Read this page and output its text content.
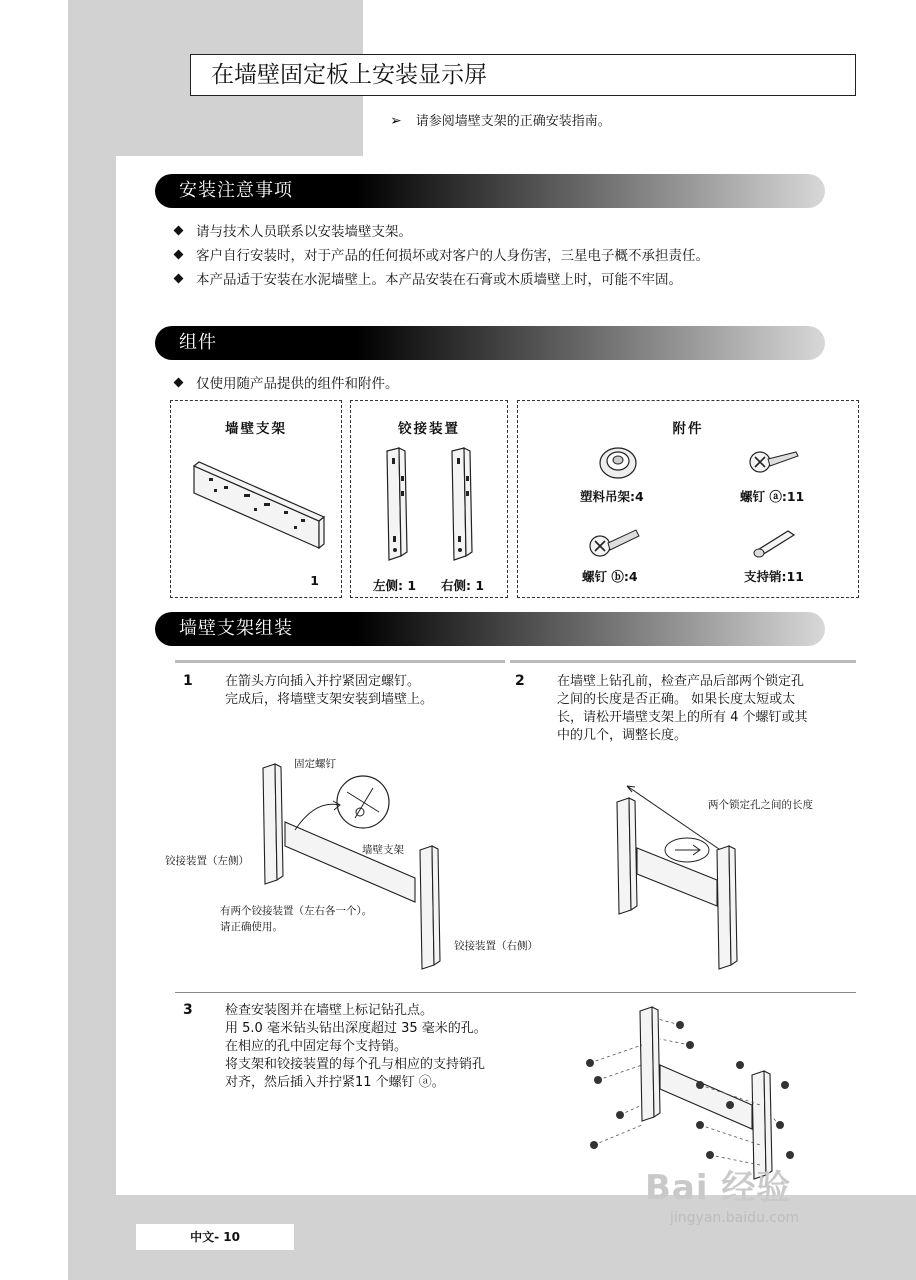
在墙壁固定板上安装显示屏
➢ 请参阅墙壁支架的正确安装指南。
安装注意事项
请与技术人员联系以安装墙壁支架。
客户自行安装时，对于产品的任何损坏或对客户的人身伤害，三星电子概不承担责任。
本产品适于安装在水泥墙壁上。本产品安装在石膏或木质墙壁上时，可能不牢固。
组件
仅使用随产品提供的组件和附件。
墙壁支架
1
铰接装置
左侧: 1 右侧: 1
附件
塑料吊架:4	螺钉 ⓐ:11
螺钉 ⓑ:4	支持销:11
墙壁支架组装
1 在箭头方向插入并拧紧固定螺钉。
完成后，将墙壁支架安装到墙壁上。
固定螺钉
墙壁支架
铰接装置（左侧）
有两个铰接装置（左右各一个）。
请正确使用。
铰接装置（右侧）
2 在墙壁上钻孔前，检查产品后部两个锁定孔
之间的长度是否正确。 如果长度太短或太
长，请松开墙壁支架上的所有 4 个螺钉或其
中的几个，调整长度。
两个锁定孔之间的长度
3 检查安装图并在墙壁上标记钻孔点。
用 5.0 毫米钻头钻出深度超过 35 毫米的孔。
在相应的孔中固定每个支持销。
将支架和铰接装置的每个孔与相应的支持销孔
对齐，然后插入并拧紧11 个螺钉 ⓐ。
Bai 经验
jingyan.baidu.com
中文- 10
